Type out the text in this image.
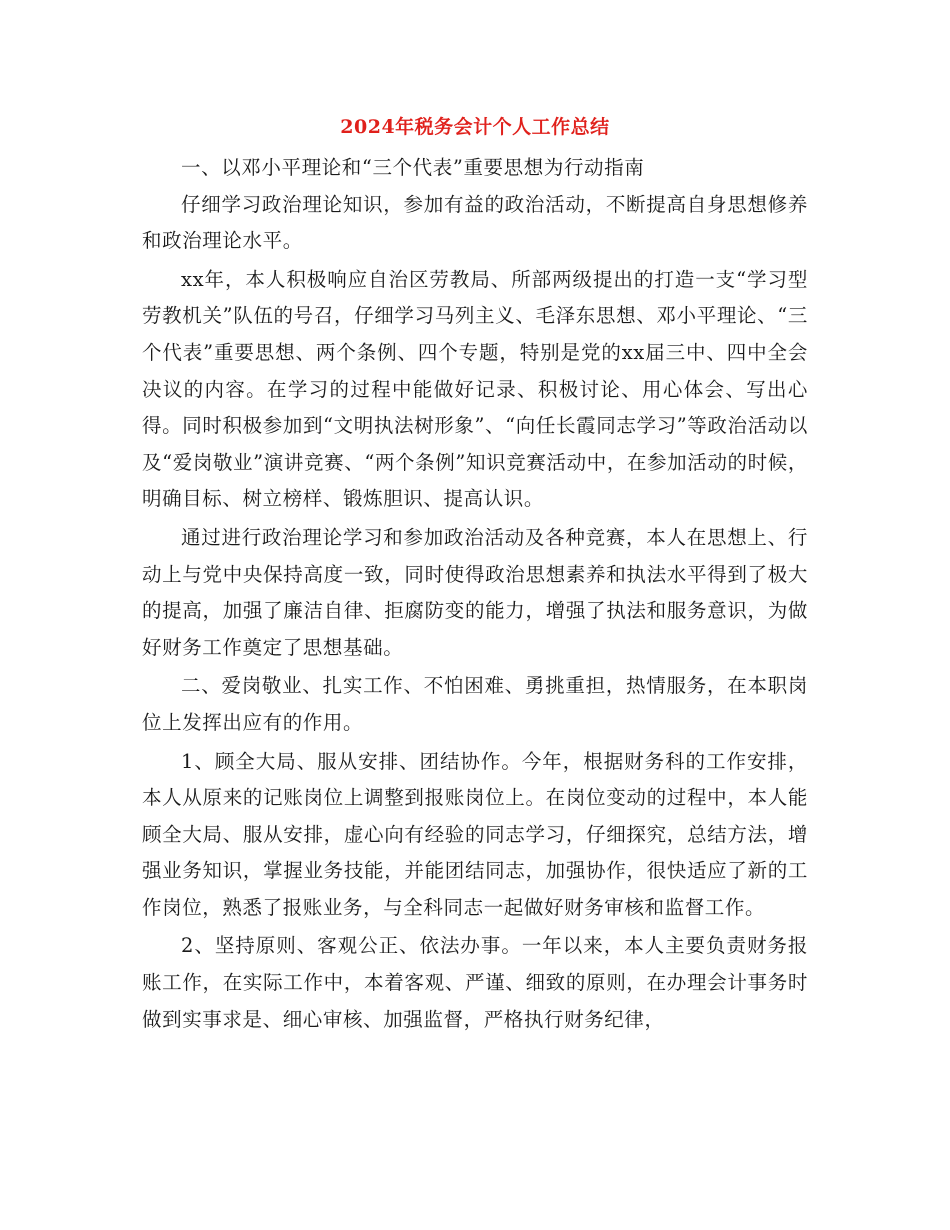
2024年税务会计个人工作总结

一、以邓小平理论和“三个代表”重要思想为行动指南

仔细学习政治理论知识，参加有益的政治活动，不断提高自身思想修养和政治理论水平。

xx年，本人积极响应自治区劳教局、所部两级提出的打造一支“学习型劳教机关”队伍的号召，仔细学习马列主义、毛泽东思想、邓小平理论、“三个代表”重要思想、两个条例、四个专题，特别是党的xx届三中、四中全会决议的内容。在学习的过程中能做好记录、积极讨论、用心体会、写出心得。同时积极参加到“文明执法树形象”、“向任长霞同志学习”等政治活动以及“爱岗敬业”演讲竞赛、“两个条例”知识竞赛活动中，在参加活动的时候，明确目标、树立榜样、锻炼胆识、提高认识。

通过进行政治理论学习和参加政治活动及各种竞赛，本人在思想上、行动上与党中央保持高度一致，同时使得政治思想素养和执法水平得到了极大的提高，加强了廉洁自律、拒腐防变的能力，增强了执法和服务意识，为做好财务工作奠定了思想基础。

二、爱岗敬业、扎实工作、不怕困难、勇挑重担，热情服务，在本职岗位上发挥出应有的作用。

1、顾全大局、服从安排、团结协作。今年，根据财务科的工作安排，本人从原来的记账岗位上调整到报账岗位上。在岗位变动的过程中，本人能顾全大局、服从安排，虚心向有经验的同志学习，仔细探究，总结方法，增强业务知识，掌握业务技能，并能团结同志，加强协作，很快适应了新的工作岗位，熟悉了报账业务，与全科同志一起做好财务审核和监督工作。

2、坚持原则、客观公正、依法办事。一年以来，本人主要负责财务报账工作，在实际工作中，本着客观、严谨、细致的原则，在办理会计事务时做到实事求是、细心审核、加强监督，严格执行财务纪律，
